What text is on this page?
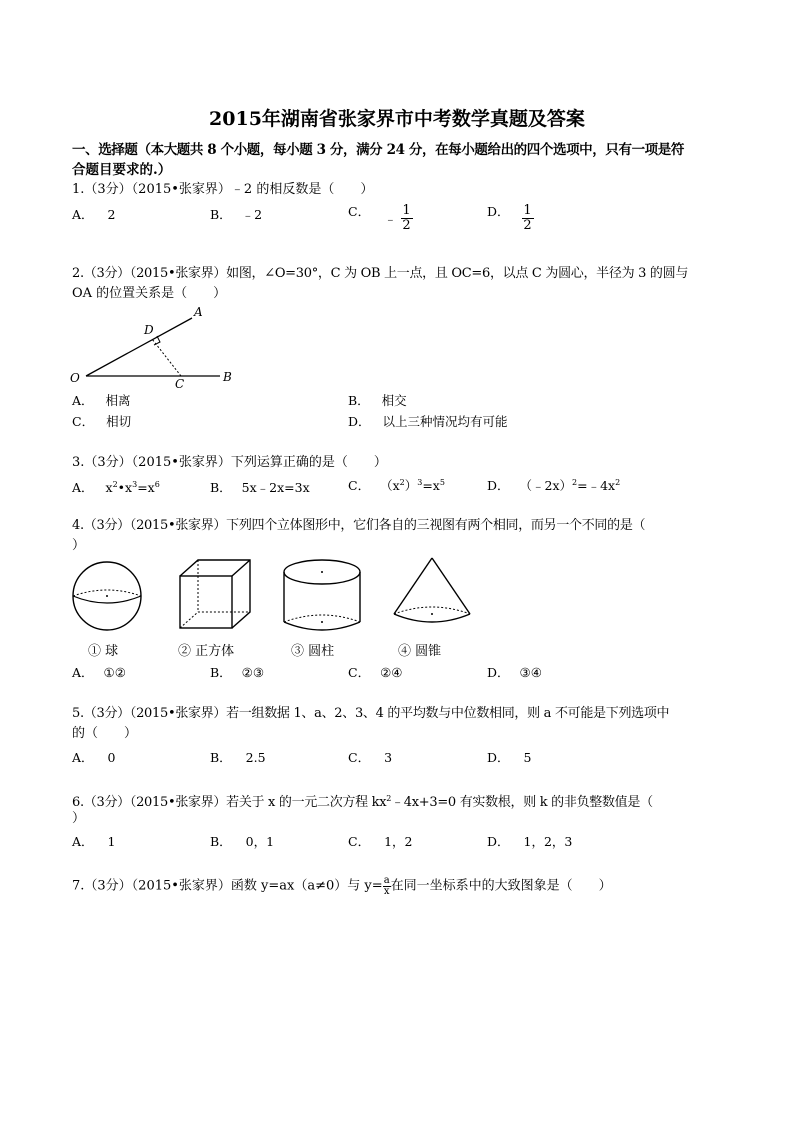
2015年湖南省张家界市中考数学真题及答案
一、选择题（本大题共 8 个小题，每小题 3 分，满分 24 分，在每小题给出的四个选项中，只有一项是符
合题目要求的.）
1.（3分）（2015•张家界）﹣2 的相反数是（　　）
A． 2	B． ﹣2	C． ﹣ $\frac{1}{2}$	D． $\frac{1}{2}$
2.（3分）（2015•张家界）如图，∠O=30°，C 为 OB 上一点，且 OC=6，以点 C 为圆心，半径为 3 的圆与
OA 的位置关系是（　　）
O
A
B
C
D
A． 相离	B． 相交
C． 相切	D． 以上三种情况均有可能
3.（3分）（2015•张家界）下列运算正确的是（　　）
A． $x^2•x^3=x^6$	B． 5x﹣2x=3x	C． $(x^2)^3=x^5$	D． $(﹣2x)^2=﹣4x^2$
4.（3分）（2015•张家界）下列四个立体图形中，它们各自的三视图有两个相同，而另一个不同的是（
）
① 球	② 正方体	③ 圆柱	④ 圆锥
A． ①②	B． ②③	C． ②④	D． ③④
5.（3分）（2015•张家界）若一组数据 1、a、2、3、4 的平均数与中位数相同，则 a 不可能是下列选项中
的（　　）
A． 0	B． 2.5	C． 3	D． 5
6.（3分）（2015•张家界）若关于 x 的一元二次方程 $kx^2﹣4x+3=0$ 有实数根，则 k 的非负整数值是（
）
A． 1	B． 0，1	C． 1，2	D． 1，2，3
7.（3分）（2015•张家界）函数 y=ax（a≠0）与 $y= \frac{a}{x}$ 在同一坐标系中的大致图象是（　　）
